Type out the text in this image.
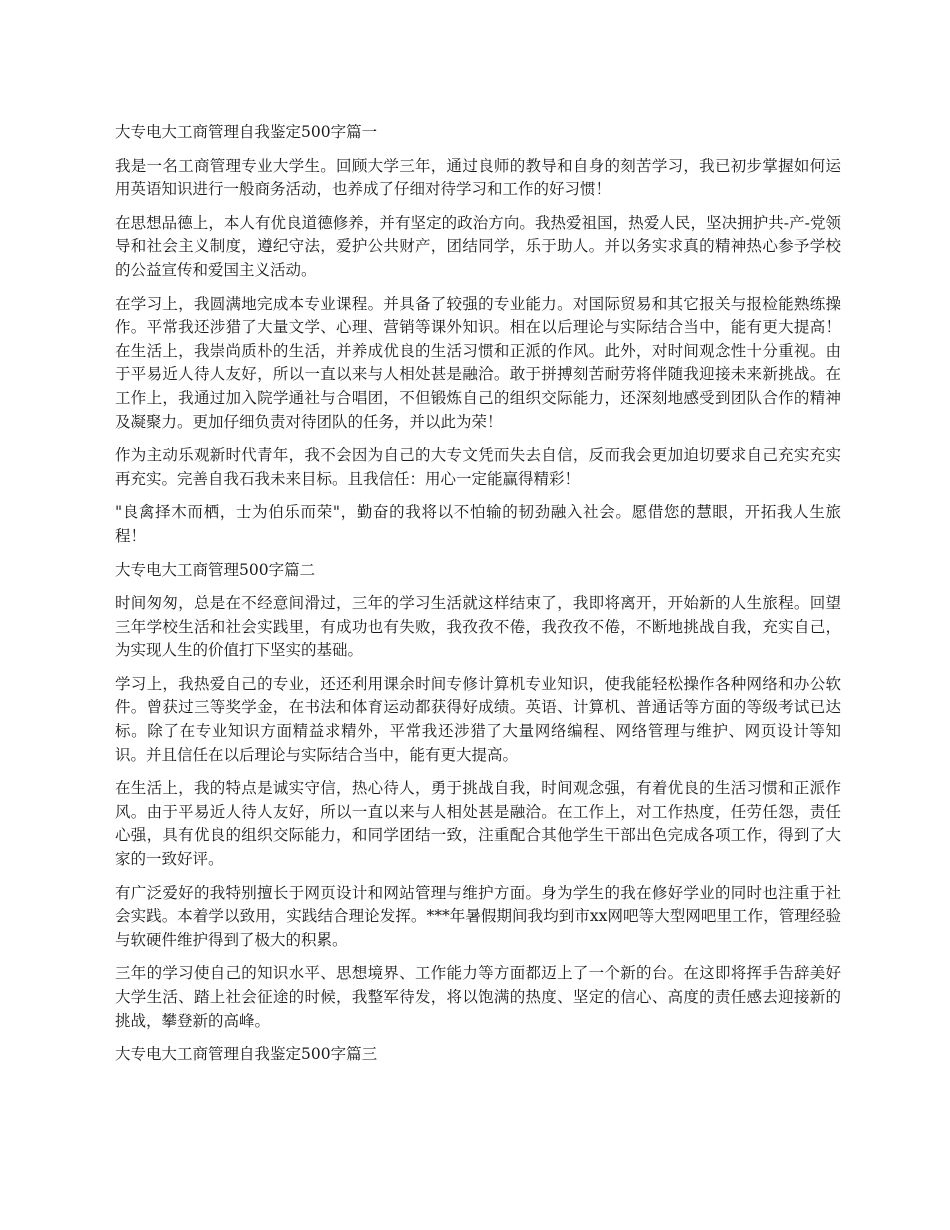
大专电大工商管理自我鉴定500字篇一
我是一名工商管理专业大学生。回顾大学三年，通过良师的教导和自身的刻苦学习，我已初步掌握如何运用英语知识进行一般商务活动，也养成了仔细对待学习和工作的好习惯！
在思想品德上，本人有优良道德修养，并有坚定的政治方向。我热爱祖国，热爱人民，坚决拥护共-产-党领导和社会主义制度，遵纪守法，爱护公共财产，团结同学，乐于助人。并以务实求真的精神热心参予学校的公益宣传和爱国主义活动。
在学习上，我圆满地完成本专业课程。并具备了较强的专业能力。对国际贸易和其它报关与报检能熟练操作。平常我还涉猎了大量文学、心理、营销等课外知识。相在以后理论与实际结合当中，能有更大提高！在生活上，我崇尚质朴的生活，并养成优良的生活习惯和正派的作风。此外，对时间观念性十分重视。由于平易近人待人友好，所以一直以来与人相处甚是融洽。敢于拼搏刻苦耐劳将伴随我迎接未来新挑战。在工作上，我通过加入院学通社与合唱团，不但锻炼自己的组织交际能力，还深刻地感受到团队合作的精神及凝聚力。更加仔细负责对待团队的任务，并以此为荣！
作为主动乐观新时代青年，我不会因为自己的大专文凭而失去自信，反而我会更加迫切要求自己充实充实再充实。完善自我石我未来目标。且我信任：用心一定能赢得精彩！
"良禽择木而栖，士为伯乐而荣"，勤奋的我将以不怕输的韧劲融入社会。愿借您的慧眼，开拓我人生旅程！
大专电大工商管理500字篇二
时间匆匆，总是在不经意间滑过，三年的学习生活就这样结束了，我即将离开，开始新的人生旅程。回望三年学校生活和社会实践里，有成功也有失败，我孜孜不倦，我孜孜不倦，不断地挑战自我，充实自己，为实现人生的价值打下坚实的基础。
学习上，我热爱自己的专业，还还利用课余时间专修计算机专业知识，使我能轻松操作各种网络和办公软件。曾获过三等奖学金，在书法和体育运动都获得好成绩。英语、计算机、普通话等方面的等级考试已达标。除了在专业知识方面精益求精外，平常我还涉猎了大量网络编程、网络管理与维护、网页设计等知识。并且信任在以后理论与实际结合当中，能有更大提高。
在生活上，我的特点是诚实守信，热心待人，勇于挑战自我，时间观念强，有着优良的生活习惯和正派作风。由于平易近人待人友好，所以一直以来与人相处甚是融洽。在工作上，对工作热度，任劳任怨，责任心强，具有优良的组织交际能力，和同学团结一致，注重配合其他学生干部出色完成各项工作，得到了大家的一致好评。
有广泛爱好的我特别擅长于网页设计和网站管理与维护方面。身为学生的我在修好学业的同时也注重于社会实践。本着学以致用，实践结合理论发挥。***年暑假期间我均到市xx网吧等大型网吧里工作，管理经验与软硬件维护得到了极大的积累。
三年的学习使自己的知识水平、思想境界、工作能力等方面都迈上了一个新的台。在这即将挥手告辞美好大学生活、踏上社会征途的时候，我整军待发，将以饱满的热度、坚定的信心、高度的责任感去迎接新的挑战，攀登新的高峰。
大专电大工商管理自我鉴定500字篇三
